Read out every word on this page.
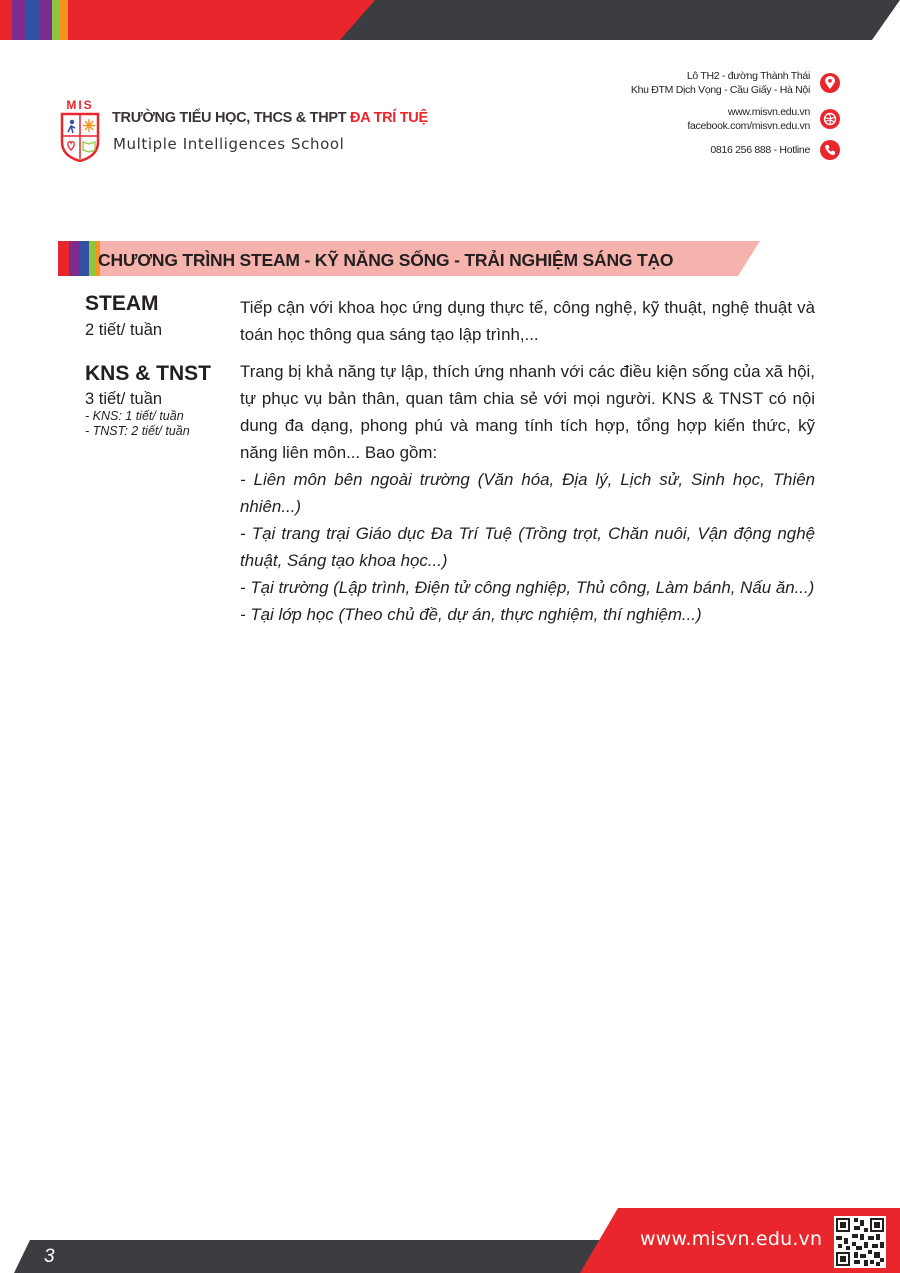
MIS
TRƯỜNG TIỂU HỌC, THCS & THPT ĐA TRÍ TUỆ
Multiple Intelligences School
Lô TH2 - đường Thành Thái
Khu ĐTM Dịch Vọng - Cầu Giấy - Hà Nội
www.misvn.edu.vn
facebook.com/misvn.edu.vn
0816 256 888 - Hotline
CHƯƠNG TRÌNH STEAM - KỸ NĂNG SỐNG - TRẢI NGHIỆM SÁNG TẠO
STEAM
2 tiết/ tuần

Tiếp cận với khoa học ứng dụng thực tế, công nghệ, kỹ thuật, nghệ thuật và toán học thông qua sáng tạo lập trình,...

KNS & TNST
3 tiết/ tuần
- KNS: 1 tiết/ tuần
- TNST: 2 tiết/ tuần

Trang bị khả năng tự lập, thích ứng nhanh với các điều kiện sống của xã hội, tự phục vụ bản thân, quan tâm chia sẻ với mọi người. KNS & TNST có nội dung đa dạng, phong phú và mang tính tích hợp, tổng hợp kiến thức, kỹ năng liên môn... Bao gồm:

- Liên môn bên ngoài trường (Văn hóa, Địa lý, Lịch sử, Sinh học, Thiên nhiên...)

- Tại trang trại Giáo dục Đa Trí Tuệ (Trồng trọt, Chăn nuôi, Vận động nghệ thuật, Sáng tạo khoa học...)

- Tại trường (Lập trình, Điện tử công nghiệp, Thủ công, Làm bánh, Nấu ăn...)

- Tại lớp học (Theo chủ đề, dự án, thực nghiệm, thí nghiệm...)

3
www.misvn.edu.vn
